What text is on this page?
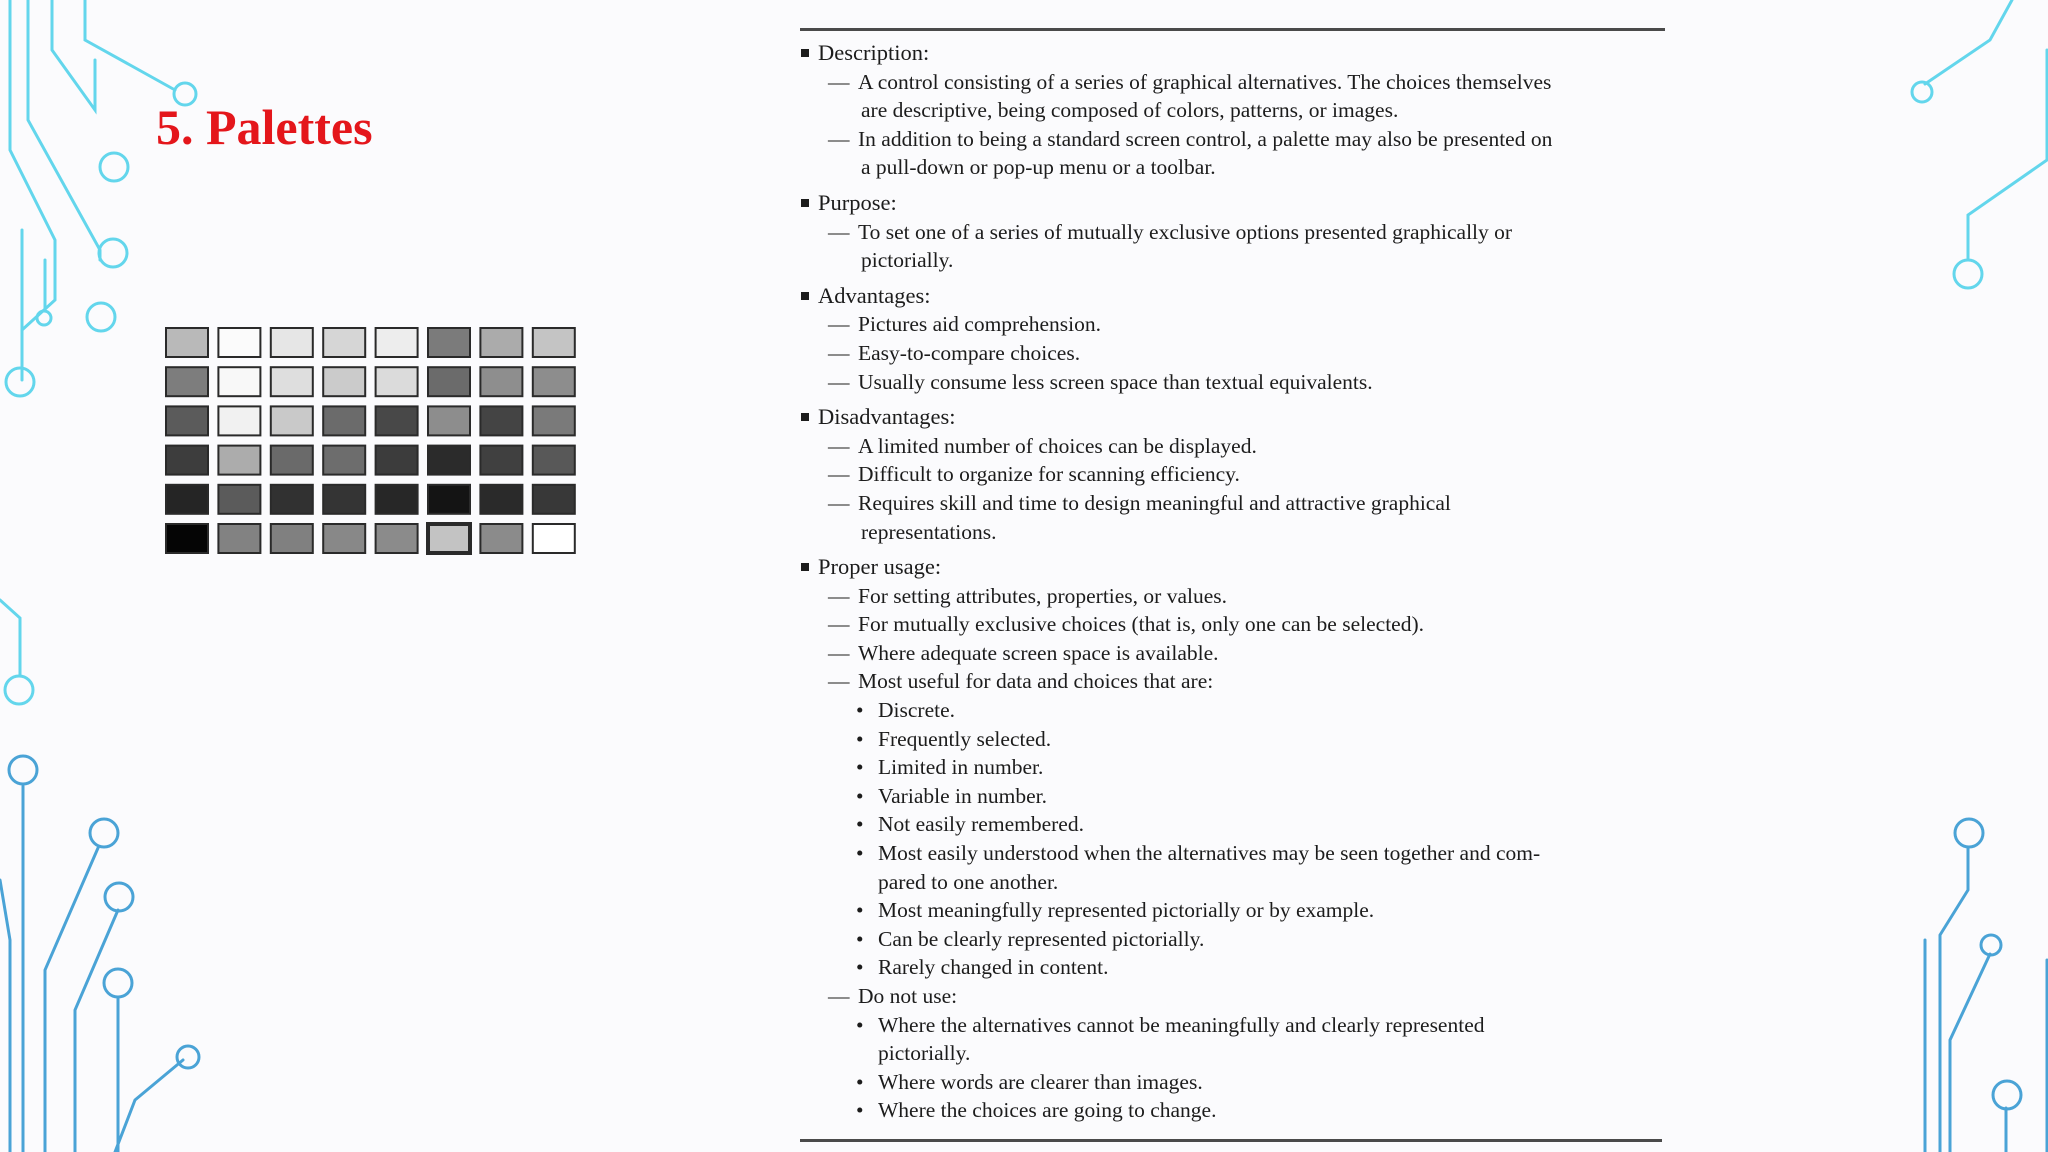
5. Palettes
Description:
— A control consisting of a series of graphical alternatives. The choices themselves
are descriptive, being composed of colors, patterns, or images.
— In addition to being a standard screen control, a palette may also be presented on
a pull-down or pop-up menu or a toolbar.
Purpose:
— To set one of a series of mutually exclusive options presented graphically or
pictorially.
Advantages:
— Pictures aid comprehension.
— Easy-to-compare choices.
— Usually consume less screen space than textual equivalents.
Disadvantages:
— A limited number of choices can be displayed.
— Difficult to organize for scanning efficiency.
— Requires skill and time to design meaningful and attractive graphical
representations.
Proper usage:
— For setting attributes, properties, or values.
— For mutually exclusive choices (that is, only one can be selected).
— Where adequate screen space is available.
— Most useful for data and choices that are:
• Discrete.
• Frequently selected.
• Limited in number.
• Variable in number.
• Not easily remembered.
• Most easily understood when the alternatives may be seen together and com-
pared to one another.
• Most meaningfully represented pictorially or by example.
• Can be clearly represented pictorially.
• Rarely changed in content.
— Do not use:
• Where the alternatives cannot be meaningfully and clearly represented
pictorially.
• Where words are clearer than images.
• Where the choices are going to change.
